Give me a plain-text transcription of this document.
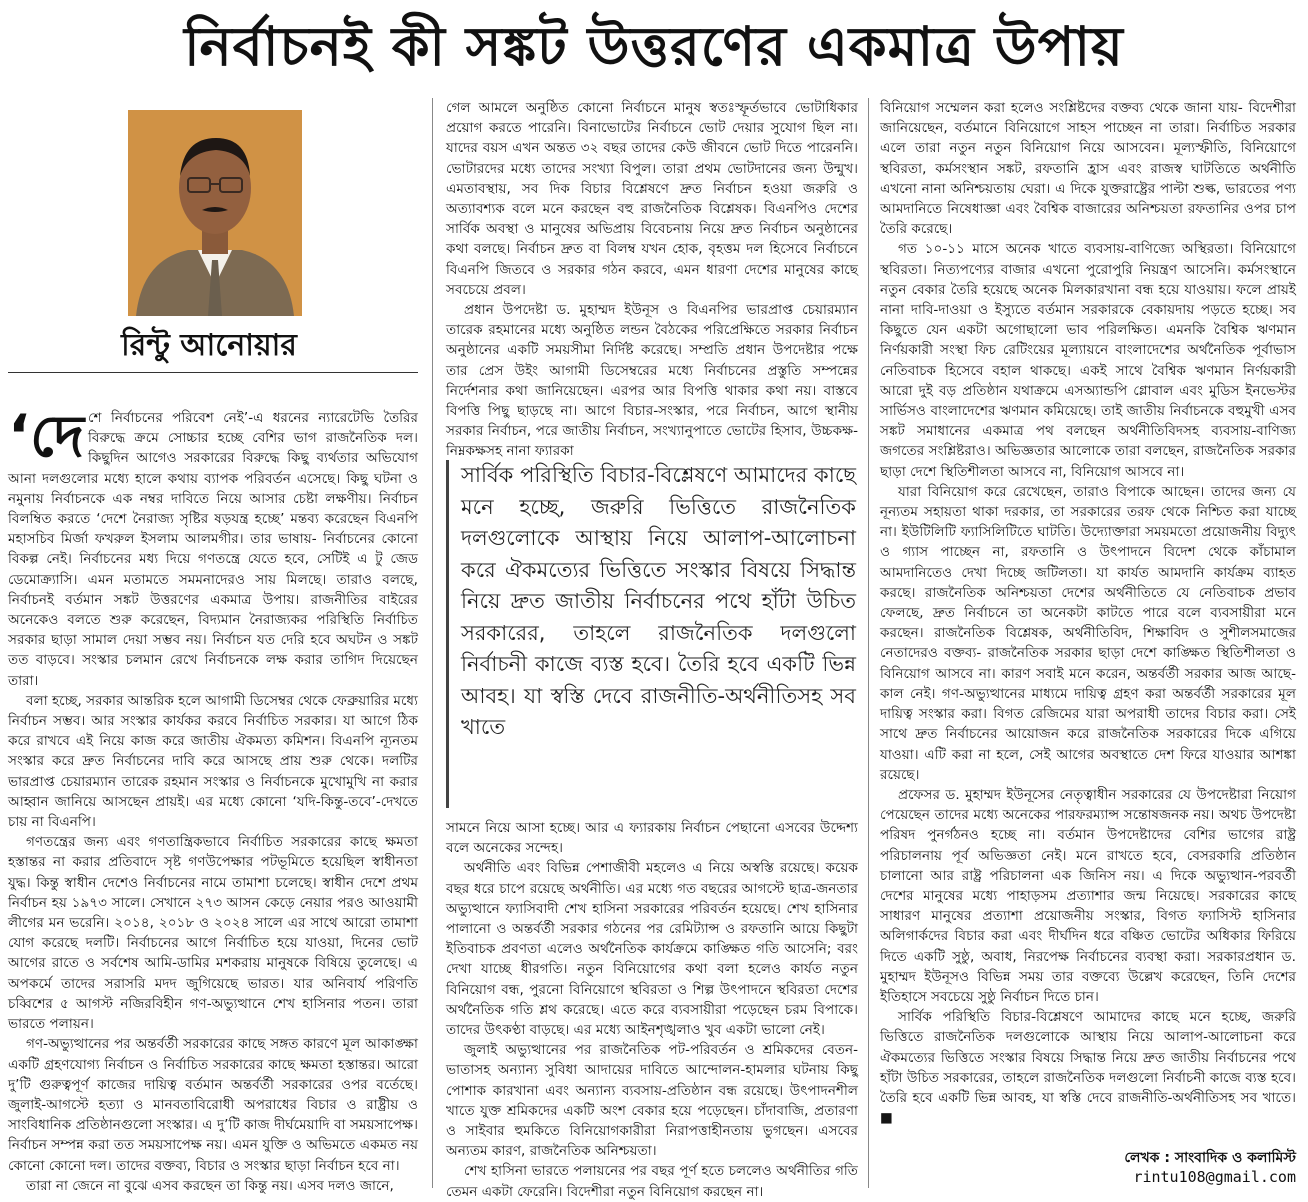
নির্বাচনই কী সঙ্কট উত্তরণের একমাত্র উপায়
রিন্টু আনোয়ার

‘দেশে নির্বাচনের পরিবেশ নেই’-এ ধরনের ন্যারেটেভি তৈরির বিরুদ্ধে ক্রমে সোচ্চার হচ্ছে বেশির ভাগ রাজনৈতিক দল। কিছুদিন আগেও সরকারের বিরুদ্ধে কিছু ব্যর্থতার অভিযোগ আনা দলগুলোর মধ্যে হালে কথায় ব্যাপক পরিবর্তন এসেছে। কিছু ঘটনা ও নমুনায় নির্বাচনকে এক নম্বর দাবিতে নিয়ে আসার চেষ্টা লক্ষণীয়। নির্বাচন বিলম্বিত করতে ‘দেশে নৈরাজ্য সৃষ্টির ষড়যন্ত্র হচ্ছে’ মন্তব্য করেছেন বিএনপি মহাসচিব মির্জা ফখরুল ইসলাম আলমগীর। তার ভাষায়- নির্বাচনের কোনো বিকল্প নেই। নির্বাচনের মধ্য দিয়ে গণতন্ত্রে যেতে হবে, সেটিই এ টু জেড ডেমোক্র্যাসি। এমন মতামতে সমমনাদেরও সায় মিলছে। তারাও বলছে, নির্বাচনই বর্তমান সঙ্কট উত্তরণের একমাত্র উপায়। রাজনীতির বাইরের অনেকেও বলতে শুরু করেছেন, বিদ্যমান নৈরাজ্যকর পরিস্থিতি নির্বাচিত সরকার ছাড়া সামাল দেয়া সম্ভব নয়। নির্বাচন যত দেরি হবে অঘটন ও সঙ্কট তত বাড়বে। সংস্কার চলমান রেখে নির্বাচনকে লক্ষ করার তাগিদ দিয়েছেন তারা।

বলা হচ্ছে, সরকার আন্তরিক হলে আগামী ডিসেম্বর থেকে ফেব্রুয়ারির মধ্যে নির্বাচন সম্ভব। আর সংস্কার কার্যকর করবে নির্বাচিত সরকার। যা আগে ঠিক করে রাখবে এই নিয়ে কাজ করে জাতীয় ঐকমত্য কমিশন। বিএনপি ন্যূনতম সংস্কার করে দ্রুত নির্বাচনের দাবি করে আসছে প্রায় শুরু থেকে। দলটির ভারপ্রাপ্ত চেয়ারম্যান তারেক রহমান সংস্কার ও নির্বাচনকে মুখোমুখি না করার আহ্বান জানিয়ে আসছেন প্রায়ই। এর মধ্যে কোনো ‘যদি-কিন্তু-তবে’-দেখতে চায় না বিএনপি।

গণতন্ত্রের জন্য এবং গণতান্ত্রিকভাবে নির্বাচিত সরকারের কাছে ক্ষমতা হস্তান্তর না করার প্রতিবাদে সৃষ্ট গণউপেক্ষার পটভূমিতে হয়েছিল স্বাধীনতা যুদ্ধ। কিন্তু স্বাধীন দেশেও নির্বাচনের নামে তামাশা চলেছে। স্বাধীন দেশে প্রথম নির্বাচন হয় ১৯৭৩ সালে। সেখানে ২৭৩ আসন কেড়ে নেয়ার পরও আওয়ামী লীগের মন ভরেনি। ২০১৪, ২০১৮ ও ২০২৪ সালে এর সাথে আরো তামাশা যোগ করেছে দলটি। নির্বাচনের আগে নির্বাচিত হয়ে যাওয়া, দিনের ভোট আগের রাতে ও সর্বশেষ আমি-ডামির মশকরায় মানুষকে বিষিয়ে তুলেছে। এ অপকর্মে তাদের সরাসরি মদদ জুগিয়েছে ভারত। যার অনিবার্য পরিণতি চব্বিশের ৫ আগস্ট নজিরবিহীন গণ-অভ্যুত্থানে শেখ হাসিনার পতন। তারা ভারতে পলায়ন।

গণ-অভ্যুত্থানের পর অন্তর্বর্তী সরকারের কাছে সঙ্গত কারণে মূল আকাঙ্ক্ষা একটি গ্রহণযোগ্য নির্বাচন ও নির্বাচিত সরকারের কাছে ক্ষমতা হস্তান্তর। আরো দু’টি গুরুত্বপূর্ণ কাজের দায়িত্ব বর্তমান অন্তর্বর্তী সরকারের ওপর বর্তেছে। জুলাই-আগস্টে হত্যা ও মানবতাবিরোধী অপরাধের বিচার ও রাষ্ট্রীয় ও সাংবিধানিক প্রতিষ্ঠানগুলো সংস্কার। এ দু’টি কাজ দীর্ঘমেয়াদি বা সময়সাপেক্ষ। নির্বাচন সম্পন্ন করা তত সময়সাপেক্ষ নয়। এমন যুক্তি ও অভিমতে একমত নয় কোনো কোনো দল। তাদের বক্তব্য, বিচার ও সংস্কার ছাড়া নির্বাচন হবে না।

তারা না জেনে না বুঝে এসব করছেন তা কিন্তু নয়। এসব দলও জানে,

গেল আমলে অনুষ্ঠিত কোনো নির্বাচনে মানুষ স্বতঃস্ফূর্তভাবে ভোটাধিকার প্রয়োগ করতে পারেনি। বিনাভোটের নির্বাচনে ভোট দেয়ার সুযোগ ছিল না। যাদের বয়স এখন অন্তত ৩২ বছর তাদের কেউ জীবনে ভোট দিতে পারেননি। ভোটারদের মধ্যে তাদের সংখ্যা বিপুল। তারা প্রথম ভোটদানের জন্য উন্মুখ। এমতাবস্থায়, সব দিক বিচার বিশ্লেষণে দ্রুত নির্বাচন হওয়া জরুরি ও অত্যাবশ্যক বলে মনে করছেন বহু রাজনৈতিক বিশ্লেষক। বিএনপিও দেশের সার্বিক অবস্থা ও মানুষের অভিপ্রায় বিবেচনায় নিয়ে দ্রুত নির্বাচন অনুষ্ঠানের কথা বলছে। নির্বাচন দ্রুত বা বিলম্ব যখন হোক, বৃহত্তম দল হিসেবে নির্বাচনে বিএনপি জিতবে ও সরকার গঠন করবে, এমন ধারণা দেশের মানুষের কাছে সবচেয়ে প্রবল।

প্রধান উপদেষ্টা ড. মুহাম্মদ ইউনূস ও বিএনপির ভারপ্রাপ্ত চেয়ারম্যান তারেক রহমানের মধ্যে অনুষ্ঠিত লন্ডন বৈঠকের পরিপ্রেক্ষিতে সরকার নির্বাচন অনুষ্ঠানের একটি সময়সীমা নির্দিষ্ট করেছে। সম্প্রতি প্রধান উপদেষ্টার পক্ষে তার প্রেস উইং আগামী ডিসেম্বরের মধ্যে নির্বাচনের প্রস্তুতি সম্পন্নের নির্দেশনার কথা জানিয়েছেন। এরপর আর বিপত্তি থাকার কথা নয়। বাস্তবে বিপত্তি পিছু ছাড়ছে না। আগে বিচার-সংস্কার, পরে নির্বাচন, আগে স্থানীয় সরকার নির্বাচন, পরে জাতীয় নির্বাচন, সংখ্যানুপাতে ভোটের হিসাব, উচ্চকক্ষ-নিম্নকক্ষসহ নানা ফ্যারকা

সার্বিক পরিস্থিতি বিচার-বিশ্লেষণে আমাদের কাছে মনে হচ্ছে, জরুরি ভিত্তিতে রাজনৈতিক দলগুলোকে আস্থায় নিয়ে আলাপ-আলোচনা করে ঐকমত্যের ভিত্তিতে সংস্কার বিষয়ে সিদ্ধান্ত নিয়ে দ্রুত জাতীয় নির্বাচনের পথে হাঁটা উচিত সরকারের, তাহলে রাজনৈতিক দলগুলো নির্বাচনী কাজে ব্যস্ত হবে। তৈরি হবে একটি ভিন্ন আবহ। যা স্বস্তি দেবে রাজনীতি-অর্থনীতিসহ সব খাতে

সামনে নিয়ে আসা হচ্ছে। আর এ ফ্যারকায় নির্বাচন পেছানো এসবের উদ্দেশ্য বলে অনেকের সন্দেহ।

অর্থনীতি এবং বিভিন্ন পেশাজীবী মহলেও এ নিয়ে অস্বস্তি রয়েছে। কয়েক বছর ধরে চাপে রয়েছে অর্থনীতি। এর মধ্যে গত বছরের আগস্টে ছাত্র-জনতার অভ্যুত্থানে ফ্যাসিবাদী শেখ হাসিনা সরকারের পরিবর্তন হয়েছে। শেখ হাসিনার পালানো ও অন্তর্বর্তী সরকার গঠনের পর রেমিট্যান্স ও রফতানি আয়ে কিছুটা ইতিবাচক প্রবণতা এলেও অর্থনৈতিক কার্যক্রমে কাঙ্ক্ষিত গতি আসেনি; বরং দেখা যাচ্ছে ধীরগতি। নতুন বিনিয়োগের কথা বলা হলেও কার্যত নতুন বিনিয়োগ বন্ধ, পুরনো বিনিয়োগে স্থবিরতা ও শিল্প উৎপাদনে স্থবিরতা দেশের অর্থনৈতিক গতি শ্লথ করেছে। এতে করে ব্যবসায়ীরা পড়েছেন চরম বিপাকে। তাদের উৎকণ্ঠা বাড়ছে। এর মধ্যে আইনশৃঙ্খলাও খুব একটা ভালো নেই।

জুলাই অভ্যুত্থানের পর রাজনৈতিক পট-পরিবর্তন ও শ্রমিকদের বেতন-ভাতাসহ অন্যান্য সুবিধা আদায়ের দাবিতে আন্দোলন-হামলার ঘটনায় কিছু পোশাক কারখানা এবং অন্যান্য ব্যবসায়-প্রতিষ্ঠান বন্ধ রয়েছে। উৎপাদনশীল খাতে যুক্ত শ্রমিকদের একটি অংশ বেকার হয়ে পড়েছেন। চাঁদাবাজি, প্রতারণা ও সাইবার হুমকিতে বিনিয়োগকারীরা নিরাপত্তাহীনতায় ভুগছেন। এসবের অন্যতম কারণ, রাজনৈতিক অনিশ্চয়তা।

শেখ হাসিনা ভারতে পলায়নের পর বছর পূর্ণ হতে চললেও অর্থনীতির গতি তেমন একটা ফেরেনি। বিদেশীরা নতুন বিনিয়োগ করছেন না।

বিনিয়োগ সম্মেলন করা হলেও সংশ্লিষ্টদের বক্তব্য থেকে জানা যায়- বিদেশীরা জানিয়েছেন, বর্তমানে বিনিয়োগে সাহস পাচ্ছেন না তারা। নির্বাচিত সরকার এলে তারা নতুন নতুন বিনিয়োগ নিয়ে আসবেন। মূল্যস্ফীতি, বিনিয়োগে স্থবিরতা, কর্মসংস্থান সঙ্কট, রফতানি হ্রাস এবং রাজস্ব ঘাটতিতে অর্থনীতি এখনো নানা অনিশ্চয়তায় ঘেরা। এ দিকে যুক্তরাষ্ট্রের পাল্টা শুল্ক, ভারতের পণ্য আমদানিতে নিষেধাজ্ঞা এবং বৈশ্বিক বাজারের অনিশ্চয়তা রফতানির ওপর চাপ তৈরি করেছে।

গত ১০-১১ মাসে অনেক খাতে ব্যবসায়-বাণিজ্যে অস্থিরতা। বিনিয়োগে স্থবিরতা। নিত্যপণ্যের বাজার এখনো পুরোপুরি নিয়ন্ত্রণ আসেনি। কর্মসংস্থানে নতুন বেকার তৈরি হয়েছে অনেক মিলকারখানা বন্ধ হয়ে যাওয়ায়। ফলে প্রায়ই নানা দাবি-দাওয়া ও ইস্যুতে বর্তমান সরকারকে বেকায়দায় পড়তে হচ্ছে। সব কিছুতে যেন একটা অগোছালো ভাব পরিলক্ষিত। এমনকি বৈশ্বিক ঋণমান নির্ণয়কারী সংস্থা ফিচ রেটিংয়ের মূল্যায়নে বাংলাদেশের অর্থনৈতিক পূর্বাভাস নেতিবাচক হিসেবে বহাল থাকছে। একই সাথে বৈশ্বিক ঋণমান নির্ণয়কারী আরো দুই বড় প্রতিষ্ঠান যথাক্রমে এসঅ্যান্ডপি গ্লোবাল এবং মুডিস ইনভেস্টর সার্ভিসও বাংলাদেশের ঋণমান কমিয়েছে। তাই জাতীয় নির্বাচনকে বহুমুখী এসব সঙ্কট সমাধানের একমাত্র পথ বলছেন অর্থনীতিবিদসহ ব্যবসায়-বাণিজ্য জগতের সংশ্লিষ্টরাও। অভিজ্ঞতার আলোকে তারা বলছেন, রাজনৈতিক সরকার ছাড়া দেশে স্থিতিশীলতা আসবে না, বিনিয়োগ আসবে না।

যারা বিনিয়োগ করে রেখেছেন, তারাও বিপাকে আছেন। তাদের জন্য যে নূন্যতম সহায়তা থাকা দরকার, তা সরকারের তরফ থেকে নিশ্চিত করা যাচ্ছে না। ইউটিলিটি ফ্যাসিলিটিতে ঘাটতি। উদ্যোক্তারা সময়মতো প্রয়োজনীয় বিদ্যুৎ ও গ্যাস পাচ্ছেন না, রফতানি ও উৎপাদনে বিদেশ থেকে কাঁচামাল আমদানিতেও দেখা দিচ্ছে জটিলতা। যা কার্যত আমদানি কার্যক্রম ব্যাহত করছে। রাজনৈতিক অনিশ্চয়তা দেশের অর্থনীতিতে যে নেতিবাচক প্রভাব ফেলছে, দ্রুত নির্বাচনে তা অনেকটা কাটতে পারে বলে ব্যবসায়ীরা মনে করছেন। রাজনৈতিক বিশ্লেষক, অর্থনীতিবিদ, শিক্ষাবিদ ও সুশীলসমাজের নেতাদেরও বক্তব্য- রাজনৈতিক সরকার ছাড়া দেশে কাঙ্ক্ষিত স্থিতিশীলতা ও বিনিয়োগ আসবে না। কারণ সবাই মনে করেন, অন্তর্বর্তী সরকার আজ আছে-কাল নেই। গণ-অভ্যুত্থানের মাধ্যমে দায়িত্ব গ্রহণ করা অন্তর্বর্তী সরকারের মূল দায়িত্ব সংস্কার করা। বিগত রেজিমের যারা অপরাধী তাদের বিচার করা। সেই সাথে দ্রুত নির্বাচনের আয়োজন করে রাজনৈতিক সরকারের দিকে এগিয়ে যাওয়া। এটি করা না হলে, সেই আগের অবস্থাতে দেশ ফিরে যাওয়ার আশঙ্কা রয়েছে।

প্রফেসর ড. মুহাম্মদ ইউনূসের নেতৃত্বাধীন সরকারের যে উপদেষ্টারা নিয়োগ পেয়েছেন তাদের মধ্যে অনেকের পারফরম্যান্স সন্তোষজনক নয়। অথচ উপদেষ্টা পরিষদ পুনর্গঠনও হচ্ছে না। বর্তমান উপদেষ্টাদের বেশির ভাগের রাষ্ট্র পরিচালনায় পূর্ব অভিজ্ঞতা নেই। মনে রাখতে হবে, বেসরকারি প্রতিষ্ঠান চালানো আর রাষ্ট্র পরিচালনা এক জিনিস নয়। এ দিকে অভ্যুত্থান-পরবর্তী দেশের মানুষের মধ্যে পাহাড়সম প্রত্যাশার জন্ম নিয়েছে। সরকারের কাছে সাধারণ মানুষের প্রত্যাশা প্রয়োজনীয় সংস্কার, বিগত ফ্যাসিস্ট হাসিনার অলিগার্কদের বিচার করা এবং দীর্ঘদিন ধরে বঞ্চিত ভোটের অধিকার ফিরিয়ে দিতে একটি সুষ্ঠু, অবাধ, নিরপেক্ষ নির্বাচনের ব্যবস্থা করা। সরকারপ্রধান ড. মুহাম্মদ ইউনূসও বিভিন্ন সময় তার বক্তব্যে উল্লেখ করেছেন, তিনি দেশের ইতিহাসে সবচেয়ে সুষ্ঠু নির্বাচন দিতে চান।

সার্বিক পরিস্থিতি বিচার-বিশ্লেষণে আমাদের কাছে মনে হচ্ছে, জরুরি ভিত্তিতে রাজনৈতিক দলগুলোকে আস্থায় নিয়ে আলাপ-আলোচনা করে ঐকমত্যের ভিত্তিতে সংস্কার বিষয়ে সিদ্ধান্ত নিয়ে দ্রুত জাতীয় নির্বাচনের পথে হাঁটা উচিত সরকারের, তাহলে রাজনৈতিক দলগুলো নির্বাচনী কাজে ব্যস্ত হবে। তৈরি হবে একটি ভিন্ন আবহ, যা স্বস্তি দেবে রাজনীতি-অর্থনীতিসহ সব খাতে। ■

লেখক : সাংবাদিক ও কলামিস্ট
rintu108@gmail.com
